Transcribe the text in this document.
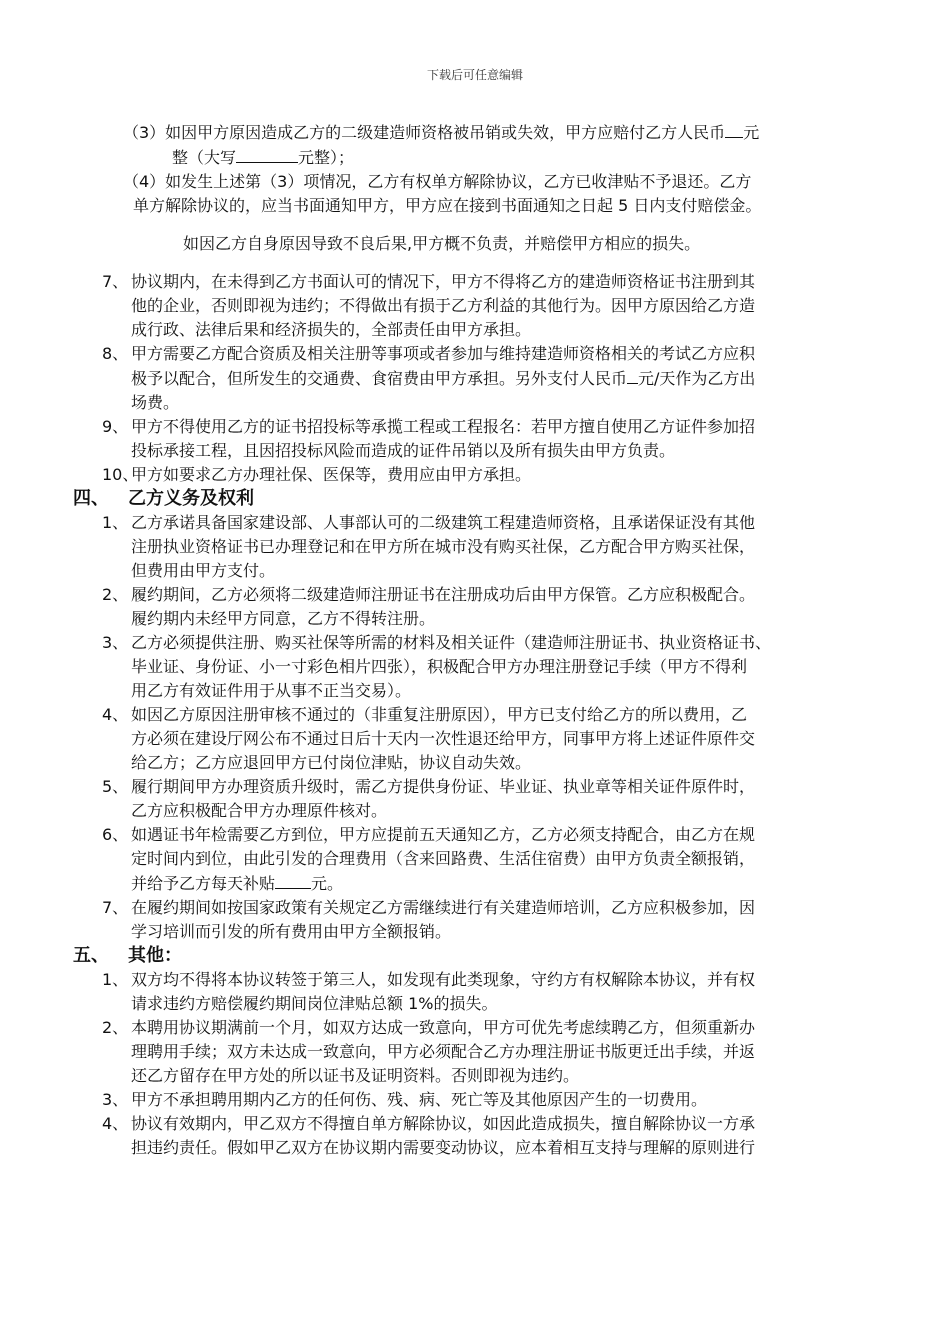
下载后可任意编辑

（3）如因甲方原因造成乙方的二级建造师资格被吊销或失效，甲方应赔付乙方人民币 元

整（大写	元整）；

（4）如发生上述第（3）项情况，乙方有权单方解除协议，乙方已收津贴不予退还。乙方

单方解除协议的，应当书面通知甲方，甲方应在接到书面通知之日起 5 日内支付赔偿金。

如因乙方自身原因导致不良后果,甲方概不负责，并赔偿甲方相应的损失。

7、 协议期内，在未得到乙方书面认可的情况下，甲方不得将乙方的建造师资格证书注册到其

他的企业，否则即视为违约；不得做出有损于乙方利益的其他行为。因甲方原因给乙方造

成行政、法律后果和经济损失的，全部责任由甲方承担。

8、 甲方需要乙方配合资质及相关注册等事项或者参加与维持建造师资格相关的考试乙方应积

极予以配合，但所发生的交通费、食宿费由甲方承担。另外支付人民币 元/天作为乙方出

场费。

9、 甲方不得使用乙方的证书招投标等承揽工程或工程报名：若甲方擅自使用乙方证件参加招

投标承接工程，且因招投标风险而造成的证件吊销以及所有损失由甲方负责。

10、
甲方如要求乙方办理社保、医保等，费用应由甲方承担。

四、 乙方义务及权利

1、 乙方承诺具备国家建设部、人事部认可的二级建筑工程建造师资格，且承诺保证没有其他

注册执业资格证书已办理登记和在甲方所在城市没有购买社保，乙方配合甲方购买社保，

但费用由甲方支付。

2、 履约期间，乙方必须将二级建造师注册证书在注册成功后由甲方保管。乙方应积极配合。

履约期内未经甲方同意，乙方不得转注册。

3、 乙方必须提供注册、购买社保等所需的材料及相关证件（建造师注册证书、执业资格证书、

毕业证、身份证、小一寸彩色相片四张），积极配合甲方办理注册登记手续（甲方不得利

用乙方有效证件用于从事不正当交易）。

4、 如因乙方原因注册审核不通过的（非重复注册原因），甲方已支付给乙方的所以费用，乙

方必须在建设厅网公布不通过日后十天内一次性退还给甲方，同事甲方将上述证件原件交

给乙方；乙方应退回甲方已付岗位津贴，协议自动失效。

5、 履行期间甲方办理资质升级时，需乙方提供身份证、毕业证、执业章等相关证件原件时，

乙方应积极配合甲方办理原件核对。

6、 如遇证书年检需要乙方到位，甲方应提前五天通知乙方，乙方必须支持配合，由乙方在规

定时间内到位，由此引发的合理费用（含来回路费、生活住宿费）由甲方负责全额报销，

并给予乙方每天补贴 元。

7、 在履约期间如按国家政策有关规定乙方需继续进行有关建造师培训，乙方应积极参加，因

学习培训而引发的所有费用由甲方全额报销。

五、 其他：

1、 双方均不得将本协议转签于第三人，如发现有此类现象，守约方有权解除本协议，并有权

请求违约方赔偿履约期间岗位津贴总额 1%的损失。

2、 本聘用协议期满前一个月，如双方达成一致意向，甲方可优先考虑续聘乙方，但须重新办

理聘用手续；双方未达成一致意向，甲方必须配合乙方办理注册证书版更迁出手续，并返

还乙方留存在甲方处的所以证书及证明资料。否则即视为违约。

3、 甲方不承担聘用期内乙方的任何伤、残、病、死亡等及其他原因产生的一切费用。

4、 协议有效期内，甲乙双方不得擅自单方解除协议，如因此造成损失，擅自解除协议一方承

担违约责任。假如甲乙双方在协议期内需要变动协议，应本着相互支持与理解的原则进行
